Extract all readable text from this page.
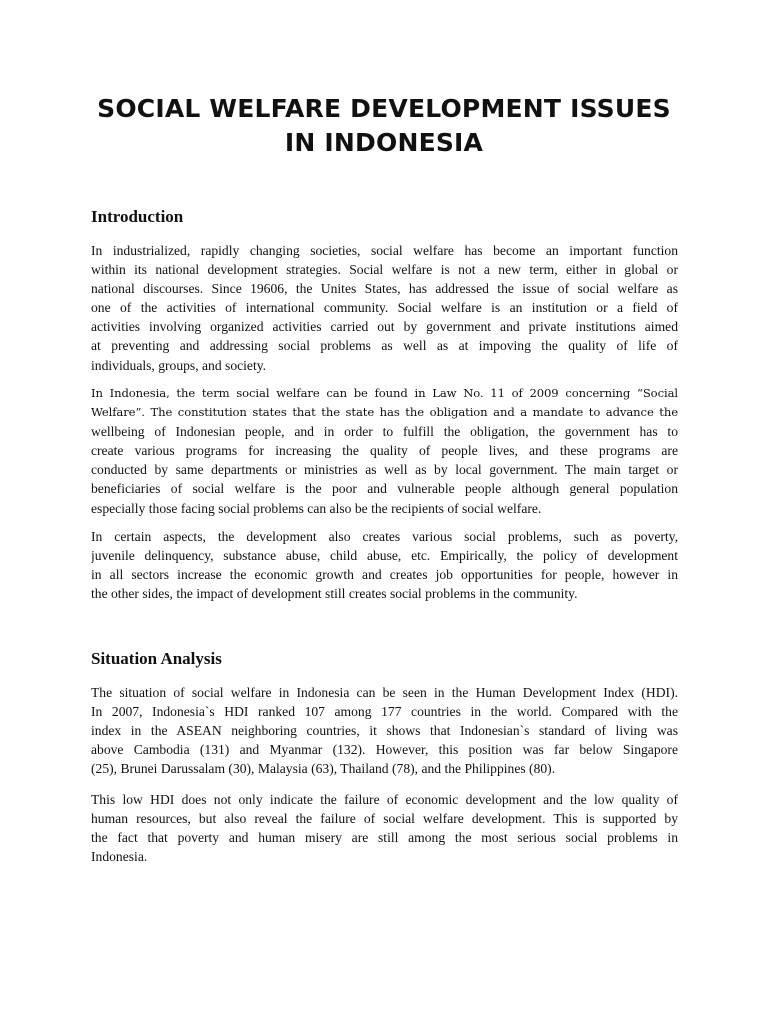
SOCIAL WELFARE DEVELOPMENT ISSUES
IN INDONESIA
Introduction

In industrialized, rapidly changing societies, social welfare has become an important function
within its national development strategies. Social welfare is not a new term, either in global or
national discourses. Since 19606, the Unites States, has addressed the issue of social welfare as
one of the activities of international community. Social welfare is an institution or a field of
activities involving organized activities carried out by government and private institutions aimed
at preventing and addressing social problems as well as at impoving the quality of life of
individuals, groups, and society.

In Indonesia, the term social welfare can be found in Law No. 11 of 2009 concerning “Social
Welfare”. The constitution states that the state has the obligation and a mandate to advance the
wellbeing of Indonesian people, and in order to fulfill the obligation, the government has to
create various programs for increasing the quality of people lives, and these programs are
conducted by same departments or ministries as well as by local government. The main target or
beneficiaries of social welfare is the poor and vulnerable people although general population
especially those facing social problems can also be the recipients of social welfare.

In certain aspects, the development also creates various social problems, such as poverty,
juvenile delinquency, substance abuse, child abuse, etc. Empirically, the policy of development
in all sectors increase the economic growth and creates job opportunities for people, however in
the other sides, the impact of development still creates social problems in the community.

Situation Analysis

The situation of social welfare in Indonesia can be seen in the Human Development Index (HDI).
In 2007, Indonesia`s HDI ranked 107 among 177 countries in the world. Compared with the
index in the ASEAN neighboring countries, it shows that Indonesian`s standard of living was
above Cambodia (131) and Myanmar (132). However, this position was far below Singapore
(25), Brunei Darussalam (30), Malaysia (63), Thailand (78), and the Philippines (80).

This low HDI does not only indicate the failure of economic development and the low quality of
human resources, but also reveal the failure of social welfare development. This is supported by
the fact that poverty and human misery are still among the most serious social problems in
Indonesia.
